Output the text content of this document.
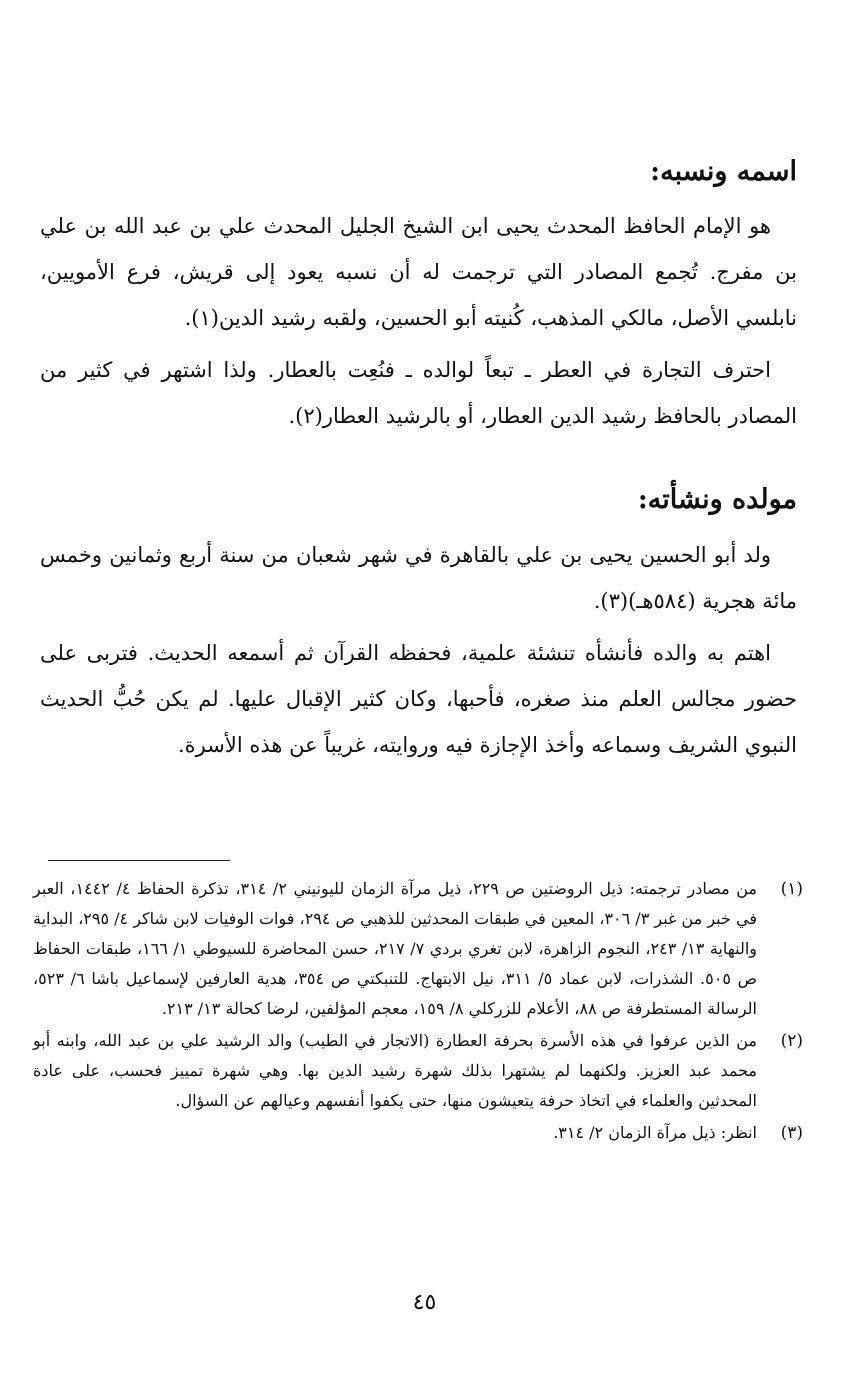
اسمه ونسبه:

هو الإمام الحافظ المحدث يحيى ابن الشيخ الجليل المحدث علي بن عبد الله بن علي بن مفرج. تُجمع المصادر التي ترجمت له أن نسبه يعود إلى قريش، فرع الأمويين، نابلسي الأصل، مالكي المذهب، كُنيته أبو الحسين، ولقبه رشيد الدين(١).

احترف التجارة في العطر ـ تبعاً لوالده ـ فنُعِت بالعطار. ولذا اشتهر في كثير من المصادر بالحافظ رشيد الدين العطار، أو بالرشيد العطار(٢).

مولده ونشأته:

ولد أبو الحسين يحيى بن علي بالقاهرة في شهر شعبان من سنة أربع وثمانين وخمس مائة هجرية (٥٨٤هـ)(٣).

اهتم به والده فأنشأه تنشئة علمية، فحفظه القرآن ثم أسمعه الحديث. فتربى على حضور مجالس العلم منذ صغره، فأحبها، وكان كثير الإقبال عليها. لم يكن حُبُّ الحديث النبوي الشريف وسماعه وأخذ الإجازة فيه وروايته، غريباً عن هذه الأسرة.

(١)
من مصادر ترجمته: ذيل الروضتين ص ٢٢٩، ذيل مرآة الزمان لليونيني ٢/ ٣١٤، تذكرة الحفاظ ٤/ ١٤٤٢، العبر في خبر من غبر ٣/ ٣٠٦، المعين في طبقات المحدثين للذهبي ص ٢٩٤، فوات الوفيات لابن شاكر ٤/ ٢٩٥، البداية والنهاية ١٣/ ٢٤٣، النجوم الزاهرة، لابن تغري بردي ٧/ ٢١٧، حسن المحاضرة للسيوطي ١/ ١٦٦، طبقات الحفاظ ص ٥٠٥. الشذرات، لابن عماد ٥/ ٣١١، نيل الابتهاج. للتنبكتي ص ٣٥٤، هدية العارفين لإسماعيل باشا ٦/ ٥٢٣، الرسالة المستطرفة ص ٨٨، الأعلام للزركلي ٨/ ١٥٩، معجم المؤلفين، لرضا كحالة ١٣/ ٢١٣.
(٢)
من الذين عرفوا في هذه الأسرة بحرفة العطارة (الاتجار في الطيب) والد الرشيد علي بن عبد الله، وابنه أبو محمد عبد العزيز. ولكنهما لم يشتهرا بذلك شهرة رشيد الدين بها. وهي شهرة تمييز فحسب، على عادة المحدثين والعلماء في اتخاذ حرفة يتعيشون منها، حتى يكفوا أنفسهم وعيالهم عن السؤال.
(٣)
انظر: ذيل مرآة الزمان ٢/ ٣١٤.
٤٥
